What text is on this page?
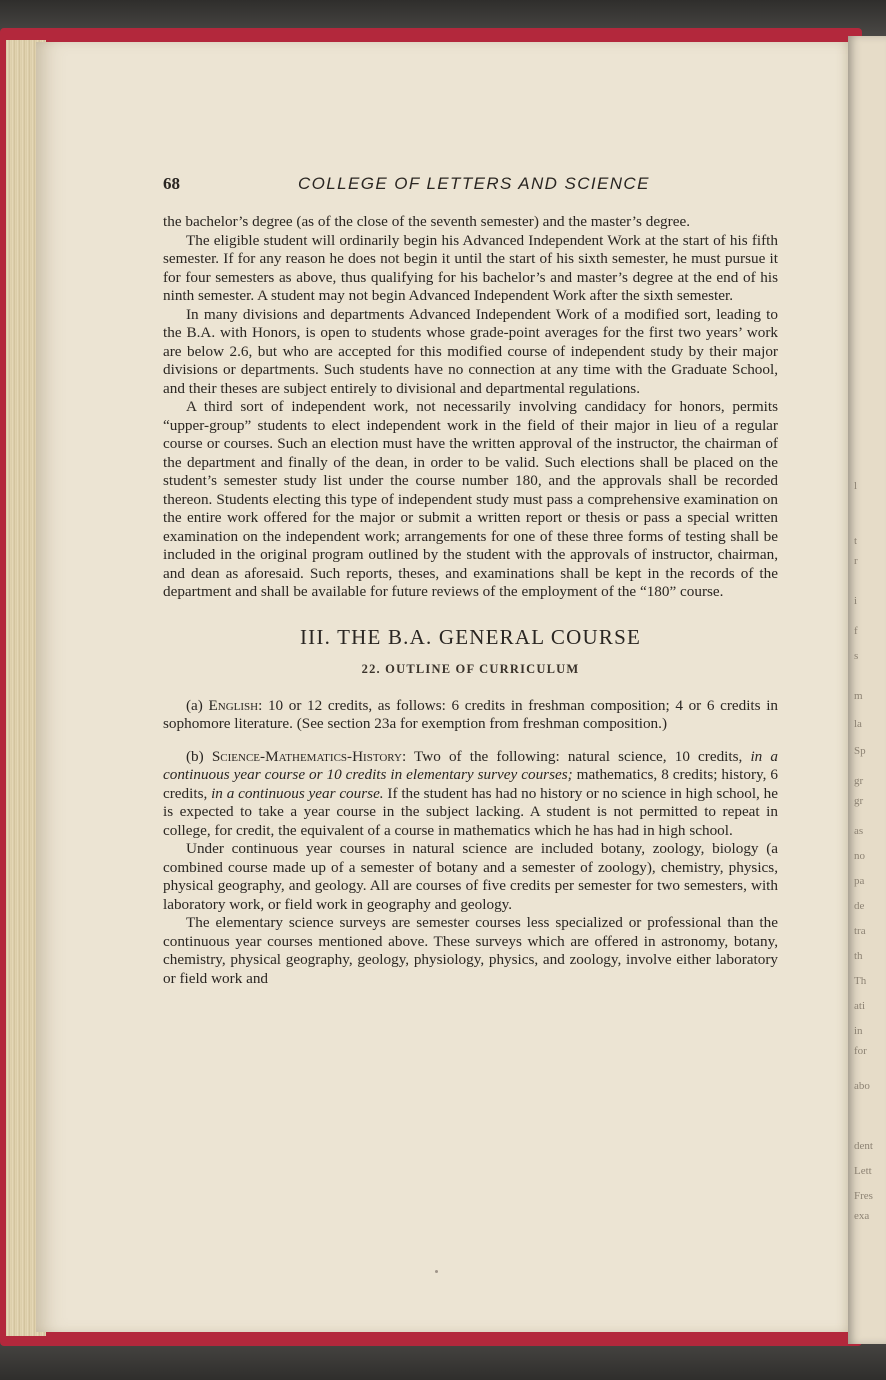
l
t
r
i
f
s
m
la
Sp
gr
gr
as
no
pa
de
tra
th
Th
ati
in
for
abo
dent
Lett
Fres
exa
68	COLLEGE OF LETTERS AND SCIENCE

the bachelor’s degree (as of the close of the seventh semester) and the master’s degree.

The eligible student will ordinarily begin his Advanced Independent Work at the start of his fifth semester. If for any reason he does not begin it until the start of his sixth semester, he must pursue it for four semesters as above, thus qualifying for his bachelor’s and master’s degree at the end of his ninth semester. A student may not begin Advanced Independent Work after the sixth semester.

In many divisions and departments Advanced Independent Work of a modified sort, leading to the B.A. with Honors, is open to students whose grade-point averages for the first two years’ work are below 2.6, but who are accepted for this modified course of independent study by their major divisions or departments. Such students have no connection at any time with the Graduate School, and their theses are subject entirely to divisional and departmental regulations.

A third sort of independent work, not necessarily involving candidacy for honors, permits “upper-group” students to elect independent work in the field of their major in lieu of a regular course or courses. Such an election must have the written approval of the instructor, the chairman of the department and finally of the dean, in order to be valid. Such elections shall be placed on the student’s semester study list under the course number 180, and the approvals shall be recorded thereon. Students electing this type of independent study must pass a comprehensive examination on the entire work offered for the major or submit a written report or thesis or pass a special written examination on the independent work; arrangements for one of these three forms of testing shall be included in the original program outlined by the student with the approvals of instructor, chairman, and dean as aforesaid. Such reports, theses, and examinations shall be kept in the records of the department and shall be available for future reviews of the employment of the “180” course.

III. THE B.A. GENERAL COURSE
22. OUTLINE OF CURRICULUM

(a) English: 10 or 12 credits, as follows: 6 credits in freshman composition; 4 or 6 credits in sophomore literature. (See section 23a for exemption from freshman composition.)

(b) Science-Mathematics-History: Two of the following: natural science, 10 credits, in a continuous year course or 10 credits in elementary survey courses; mathematics, 8 credits; history, 6 credits, in a continuous year course. If the student has had no history or no science in high school, he is expected to take a year course in the subject lacking. A student is not permitted to repeat in college, for credit, the equivalent of a course in mathematics which he has had in high school.

Under continuous year courses in natural science are included botany, zoology, biology (a combined course made up of a semester of botany and a semester of zoology), chemistry, physics, physical geography, and geology. All are courses of five credits per semester for two semesters, with laboratory work, or field work in geography and geology.

The elementary science surveys are semester courses less specialized or professional than the continuous year courses mentioned above. These surveys which are offered in astronomy, botany, chemistry, physical geography, geology, physiology, physics, and zoology, involve either laboratory or field work and
